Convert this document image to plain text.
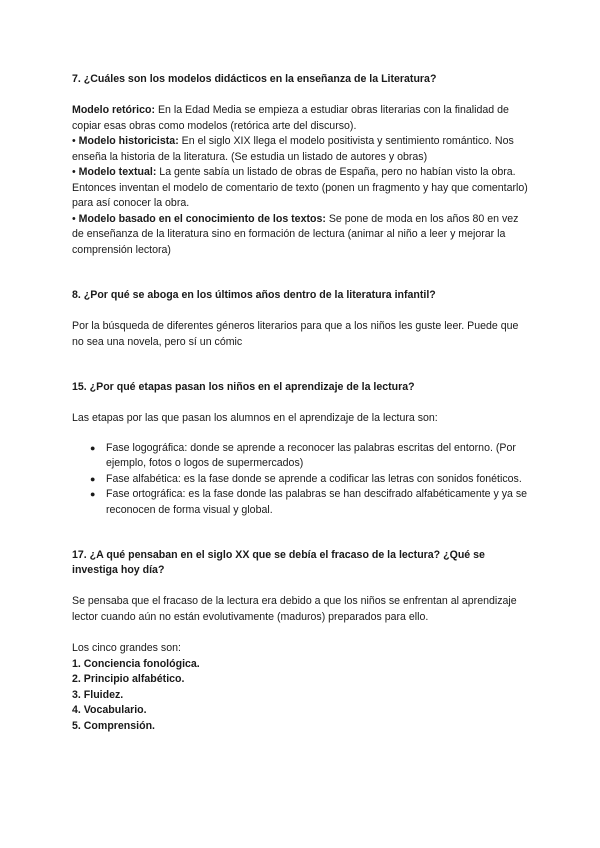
7. ¿Cuáles son los modelos didácticos en la enseñanza de la Literatura?

Modelo retórico: En la Edad Media se empieza a estudiar obras literarias con la finalidad de copiar esas obras como modelos (retórica arte del discurso).

• Modelo historicista: En el siglo XIX llega el modelo positivista y sentimiento romántico. Nos enseña la historia de la literatura. (Se estudia un listado de autores y obras)

• Modelo textual: La gente sabía un listado de obras de España, pero no habían visto la obra. Entonces inventan el modelo de comentario de texto (ponen un fragmento y hay que comentarlo) para así conocer la obra.

• Modelo basado en el conocimiento de los textos: Se pone de moda en los años 80 en vez de enseñanza de la literatura sino en formación de lectura (animar al niño a leer y mejorar la comprensión lectora)

8. ¿Por qué se aboga en los últimos años dentro de la literatura infantil?

Por la búsqueda de diferentes géneros literarios para que a los niños les guste leer. Puede que no sea una novela, pero sí un cómic

15. ¿Por qué etapas pasan los niños en el aprendizaje de la lectura?

Las etapas por las que pasan los alumnos en el aprendizaje de la lectura son:

● Fase logográfica: donde se aprende a reconocer las palabras escritas del entorno. (Por ejemplo, fotos o logos de supermercados)
● Fase alfabética: es la fase donde se aprende a codificar las letras con sonidos fonéticos.
● Fase ortográfica: es la fase donde las palabras se han descifrado alfabéticamente y ya se reconocen de forma visual y global.

17. ¿A qué pensaban en el siglo XX que se debía el fracaso de la lectura? ¿Qué se investiga hoy día?

Se pensaba que el fracaso de la lectura era debido a que los niños se enfrentan al aprendizaje lector cuando aún no están evolutivamente (maduros) preparados para ello.

Los cinco grandes son:

1. Conciencia fonológica.

2. Principio alfabético.

3. Fluidez.

4. Vocabulario.

5. Comprensión.
